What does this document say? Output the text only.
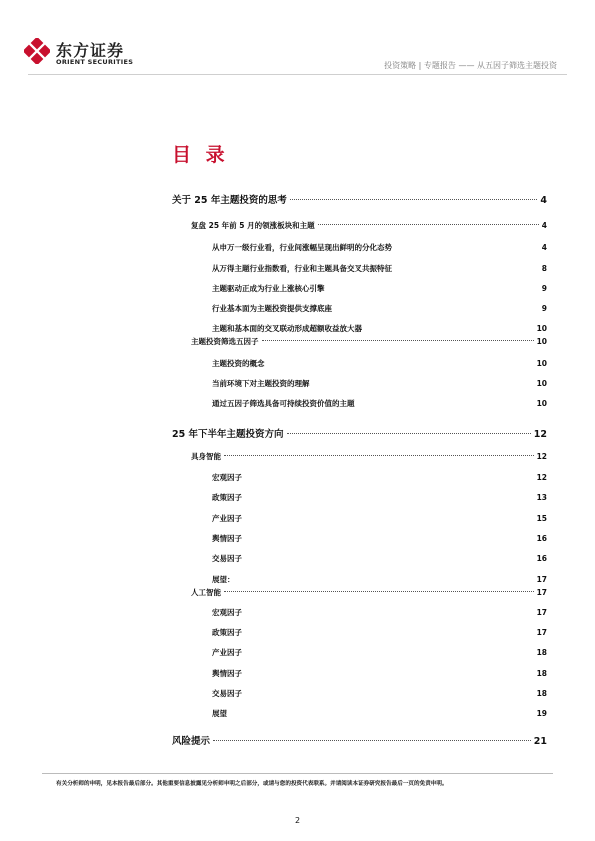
东方证券
ORIENT SECURITIES	投资策略 | 专题报告 —— 从五因子筛选主题投资
目 录
关于 25 年主题投资的思考	4
复盘 25 年前 5 月的领涨板块和主题	4
从申万一级行业看，行业间涨幅呈现出鲜明的分化态势	4
从万得主题行业指数看，行业和主题具备交叉共振特征	8
主题驱动正成为行业上涨核心引擎	9
行业基本面为主题投资提供支撑底座	9
主题和基本面的交叉联动形成超额收益放大器	10
主题投资筛选五因子	10
主题投资的概念	10
当前环境下对主题投资的理解	10
通过五因子筛选具备可持续投资价值的主题	10
25 年下半年主题投资方向	12
具身智能	12
宏观因子	12
政策因子	13
产业因子	15
舆情因子	16
交易因子	16
展望：	17
人工智能	17
宏观因子	17
政策因子	17
产业因子	18
舆情因子	18
交易因子	18
展望	19
风险提示	21
有关分析师的申明，见本报告最后部分。其他重要信息披露见分析师申明之后部分，或请与您的投资代表联系。并请阅读本证券研究报告最后一页的免责申明。
2
